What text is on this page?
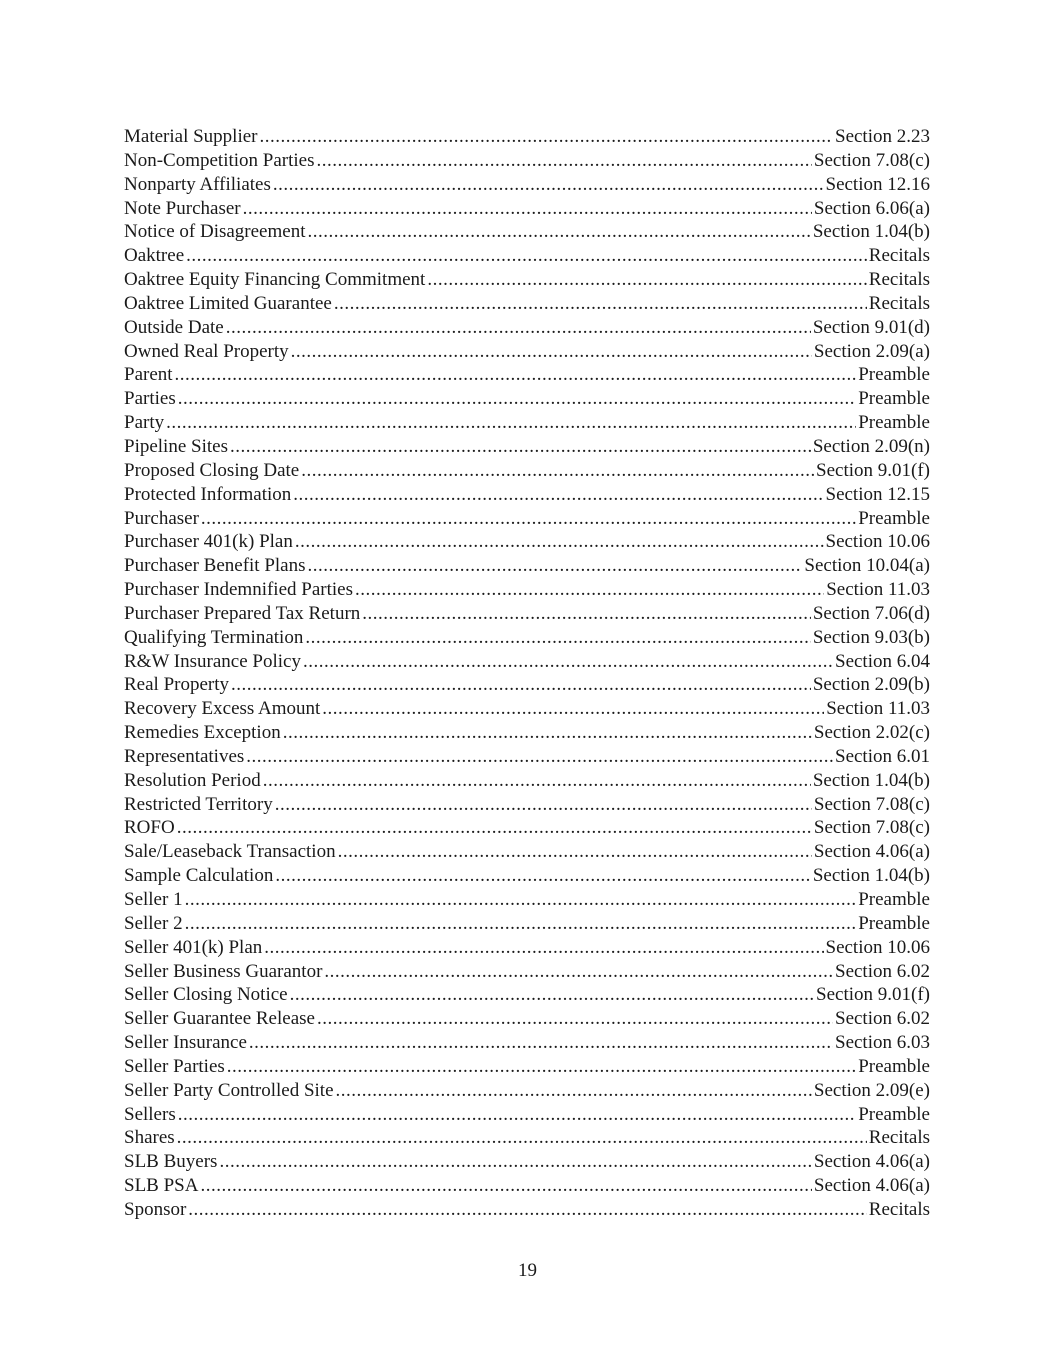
Material Supplier .....	Section 2.23
Non-Competition Parties .....	Section 7.08(c)
Nonparty Affiliates .....	Section 12.16
Note Purchaser .....	Section 6.06(a)
Notice of Disagreement .....	Section 1.04(b)
Oaktree .....	Recitals
Oaktree Equity Financing Commitment .....	Recitals
Oaktree Limited Guarantee .....	Recitals
Outside Date .....	Section 9.01(d)
Owned Real Property .....	Section 2.09(a)
Parent .....	Preamble
Parties .....	Preamble
Party .....	Preamble
Pipeline Sites .....	Section 2.09(n)
Proposed Closing Date .....	Section 9.01(f)
Protected Information .....	Section 12.15
Purchaser .....	Preamble
Purchaser 401(k) Plan .....	Section 10.06
Purchaser Benefit Plans .....	Section 10.04(a)
Purchaser Indemnified Parties .....	Section 11.03
Purchaser Prepared Tax Return .....	Section 7.06(d)
Qualifying Termination .....	Section 9.03(b)
R&W Insurance Policy .....	Section 6.04
Real Property .....	Section 2.09(b)
Recovery Excess Amount .....	Section 11.03
Remedies Exception .....	Section 2.02(c)
Representatives .....	Section 6.01
Resolution Period .....	Section 1.04(b)
Restricted Territory .....	Section 7.08(c)
ROFO .....	Section 7.08(c)
Sale/Leaseback Transaction .....	Section 4.06(a)
Sample Calculation .....	Section 1.04(b)
Seller 1 .....	Preamble
Seller 2 .....	Preamble
Seller 401(k) Plan .....	Section 10.06
Seller Business Guarantor .....	Section 6.02
Seller Closing Notice .....	Section 9.01(f)
Seller Guarantee Release .....	Section 6.02
Seller Insurance .....	Section 6.03
Seller Parties .....	Preamble
Seller Party Controlled Site .....	Section 2.09(e)
Sellers .....	Preamble
Shares .....	Recitals
SLB Buyers .....	Section 4.06(a)
SLB PSA .....	Section 4.06(a)
Sponsor .....	Recitals
19
